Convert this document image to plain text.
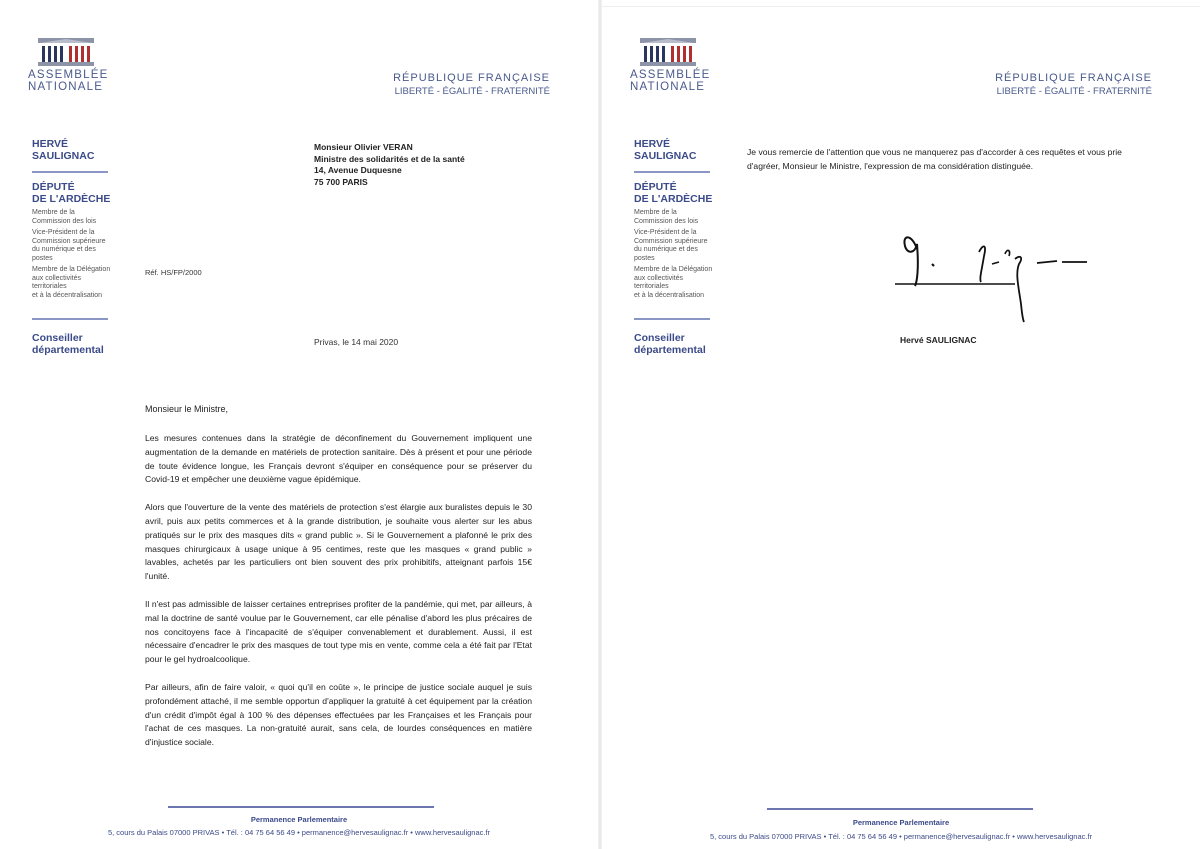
ASSEMBLÉE
NATIONALE
RÉPUBLIQUE FRANÇAISE
LIBERTÉ - ÉGALITÉ - FRATERNITÉ
HERVÉ
SAULIGNAC
DÉPUTÉ
DE L'ARDÈCHE

Membre de la
Commission des lois

Vice-Président de la
Commission supérieure
du numérique et des postes

Membre de la Délégation
aux collectivités territoriales
et à la décentralisation

Conseiller
départemental
Monsieur Olivier VERAN
Ministre des solidarités et de la santé
14, Avenue Duquesne
75 700 PARIS
Réf. HS/FP/2000
Privas, le 14 mai 2020
Monsieur le Ministre,

Les mesures contenues dans la stratégie de déconfinement du Gouvernement impliquent une augmentation de la demande en matériels de protection sanitaire. Dès à présent et pour une période de toute évidence longue, les Français devront s'équiper en conséquence pour se préserver du Covid-19 et empêcher une deuxième vague épidémique.

Alors que l'ouverture de la vente des matériels de protection s'est élargie aux buralistes depuis le 30 avril, puis aux petits commerces et à la grande distribution, je souhaite vous alerter sur les abus pratiqués sur le prix des masques dits « grand public ». Si le Gouvernement a plafonné le prix des masques chirurgicaux à usage unique à 95 centimes, reste que les masques « grand public » lavables, achetés par les particuliers ont bien souvent des prix prohibitifs, atteignant parfois 15€ l'unité.

Il n'est pas admissible de laisser certaines entreprises profiter de la pandémie, qui met, par ailleurs, à mal la doctrine de santé voulue par le Gouvernement, car elle pénalise d'abord les plus précaires de nos concitoyens face à l'incapacité de s'équiper convenablement et durablement. Aussi, il est nécessaire d'encadrer le prix des masques de tout type mis en vente, comme cela a été fait par l'Etat pour le gel hydroalcoolique.

Par ailleurs, afin de faire valoir, « quoi qu'il en coûte », le principe de justice sociale auquel je suis profondément attaché, il me semble opportun d'appliquer la gratuité à cet équipement par la création d'un crédit d'impôt égal à 100 % des dépenses effectuées par les Françaises et les Français pour l'achat de ces masques. La non-gratuité aurait, sans cela, de lourdes conséquences en matière d'injustice sociale.

Permanence Parlementaire
5, cours du Palais 07000 PRIVAS • Tél. : 04 75 64 56 49 • permanence@hervesaulignac.fr • www.hervesaulignac.fr
ASSEMBLÉE
NATIONALE
RÉPUBLIQUE FRANÇAISE
LIBERTÉ - ÉGALITÉ - FRATERNITÉ
HERVÉ
SAULIGNAC
DÉPUTÉ
DE L'ARDÈCHE

Membre de la
Commission des lois

Vice-Président de la
Commission supérieure
du numérique et des postes

Membre de la Délégation
aux collectivités territoriales
et à la décentralisation

Conseiller
départemental
Je vous remercie de l'attention que vous ne manquerez pas d'accorder à ces requêtes et vous prie d'agréer, Monsieur le Ministre, l'expression de ma considération distinguée.
Hervé SAULIGNAC
Permanence Parlementaire
5, cours du Palais 07000 PRIVAS • Tél. : 04 75 64 56 49 • permanence@hervesaulignac.fr • www.hervesaulignac.fr
